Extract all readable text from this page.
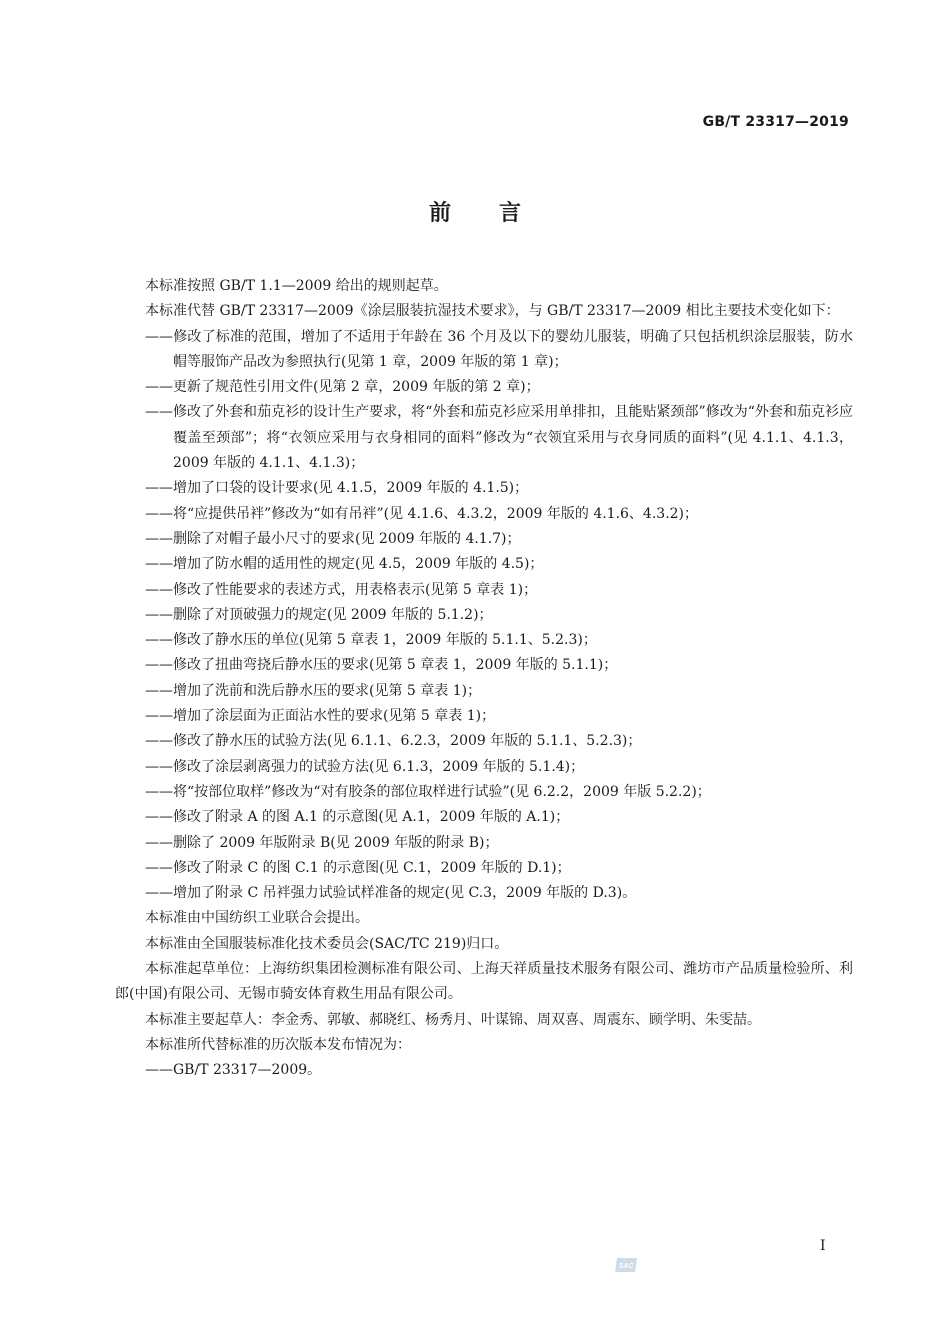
GB/T 23317—2019
前 言

本标准按照 GB/T 1.1—2009 给出的规则起草。

本标准代替 GB/T 23317—2009《涂层服装抗湿技术要求》，与 GB/T 23317—2009 相比主要技术变化如下：

——修改了标准的范围，增加了不适用于年龄在 36 个月及以下的婴幼儿服装，明确了只包括机织涂层服装，防水帽等服饰产品改为参照执行(见第 1 章，2009 年版的第 1 章)；

——更新了规范性引用文件(见第 2 章，2009 年版的第 2 章)；

——修改了外套和茄克衫的设计生产要求，将“外套和茄克衫应采用单排扣，且能贴紧颈部”修改为“外套和茄克衫应覆盖至颈部”；将“衣领应采用与衣身相同的面料”修改为“衣领宜采用与衣身同质的面料”(见 4.1.1、4.1.3，2009 年版的 4.1.1、4.1.3)；

——增加了口袋的设计要求(见 4.1.5，2009 年版的 4.1.5)；

——将“应提供吊袢”修改为“如有吊袢”(见 4.1.6、4.3.2，2009 年版的 4.1.6、4.3.2)；

——删除了对帽子最小尺寸的要求(见 2009 年版的 4.1.7)；

——增加了防水帽的适用性的规定(见 4.5，2009 年版的 4.5)；

——修改了性能要求的表述方式，用表格表示(见第 5 章表 1)；

——删除了对顶破强力的规定(见 2009 年版的 5.1.2)；

——修改了静水压的单位(见第 5 章表 1，2009 年版的 5.1.1、5.2.3)；

——修改了扭曲弯挠后静水压的要求(见第 5 章表 1，2009 年版的 5.1.1)；

——增加了洗前和洗后静水压的要求(见第 5 章表 1)；

——增加了涂层面为正面沾水性的要求(见第 5 章表 1)；

——修改了静水压的试验方法(见 6.1.1、6.2.3，2009 年版的 5.1.1、5.2.3)；

——修改了涂层剥离强力的试验方法(见 6.1.3，2009 年版的 5.1.4)；

——将“按部位取样”修改为“对有胶条的部位取样进行试验”(见 6.2.2，2009 年版 5.2.2)；

——修改了附录 A 的图 A.1 的示意图(见 A.1，2009 年版的 A.1)；

——删除了 2009 年版附录 B(见 2009 年版的附录 B)；

——修改了附录 C 的图 C.1 的示意图(见 C.1，2009 年版的 D.1)；

——增加了附录 C 吊袢强力试验试样准备的规定(见 C.3，2009 年版的 D.3)。

本标准由中国纺织工业联合会提出。

本标准由全国服装标准化技术委员会(SAC/TC 219)归口。

本标准起草单位：上海纺织集团检测标准有限公司、上海天祥质量技术服务有限公司、潍坊市产品质量检验所、利郎(中国)有限公司、无锡市骑安体育救生用品有限公司。

本标准主要起草人：李金秀、郭敏、郝晓红、杨秀月、叶谋锦、周双喜、周震东、顾学明、朱雯喆。

本标准所代替标准的历次版本发布情况为：

——GB/T 23317—2009。

I
SAC
